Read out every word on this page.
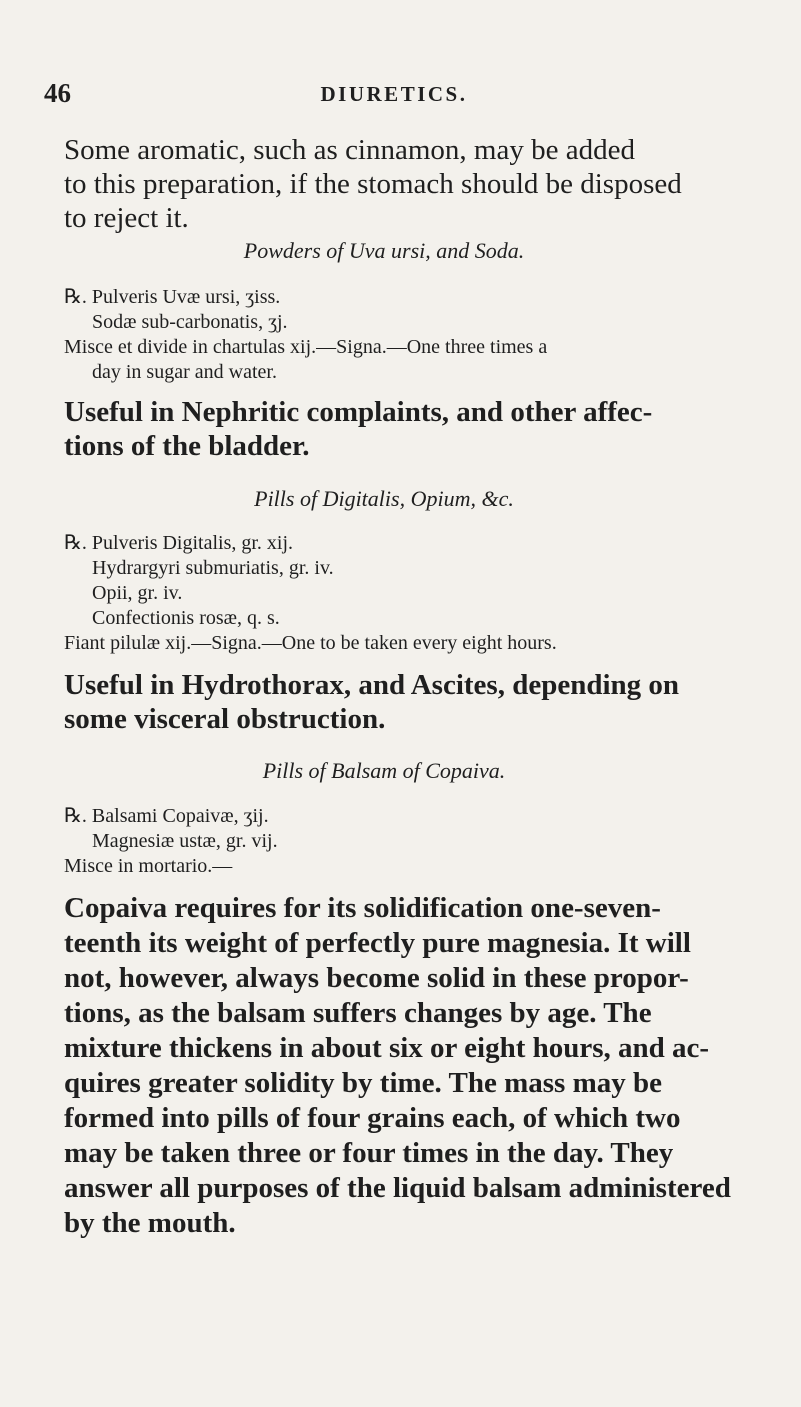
46	DIURETICS.
Some aromatic, such as cinnamon, may be added
to this preparation, if the stomach should be disposed
to reject it.
Powders of Uva ursi, and Soda.
℞. Pulveris Uvæ ursi, ʒiss.
Sodæ sub-carbonatis, ʒj.
Misce et divide in chartulas xij.—Signa.—One three times a
day in sugar and water.
Useful in Nephritic complaints, and other affec-
tions of the bladder.
Pills of Digitalis, Opium, &c.
℞. Pulveris Digitalis, gr. xij.
Hydrargyri submuriatis, gr. iv.
Opii, gr. iv.
Confectionis rosæ, q. s.
Fiant pilulæ xij.—Signa.—One to be taken every eight hours.
Useful in Hydrothorax, and Ascites, depending on
some visceral obstruction.
Pills of Balsam of Copaiva.
℞. Balsami Copaivæ, ʒij.
Magnesiæ ustæ, gr. vij.
Misce in mortario.—
Copaiva requires for its solidification one-seven-
teenth its weight of perfectly pure magnesia. It will
not, however, always become solid in these propor-
tions, as the balsam suffers changes by age. The
mixture thickens in about six or eight hours, and ac-
quires greater solidity by time. The mass may be
formed into pills of four grains each, of which two
may be taken three or four times in the day. They
answer all purposes of the liquid balsam administered
by the mouth.
